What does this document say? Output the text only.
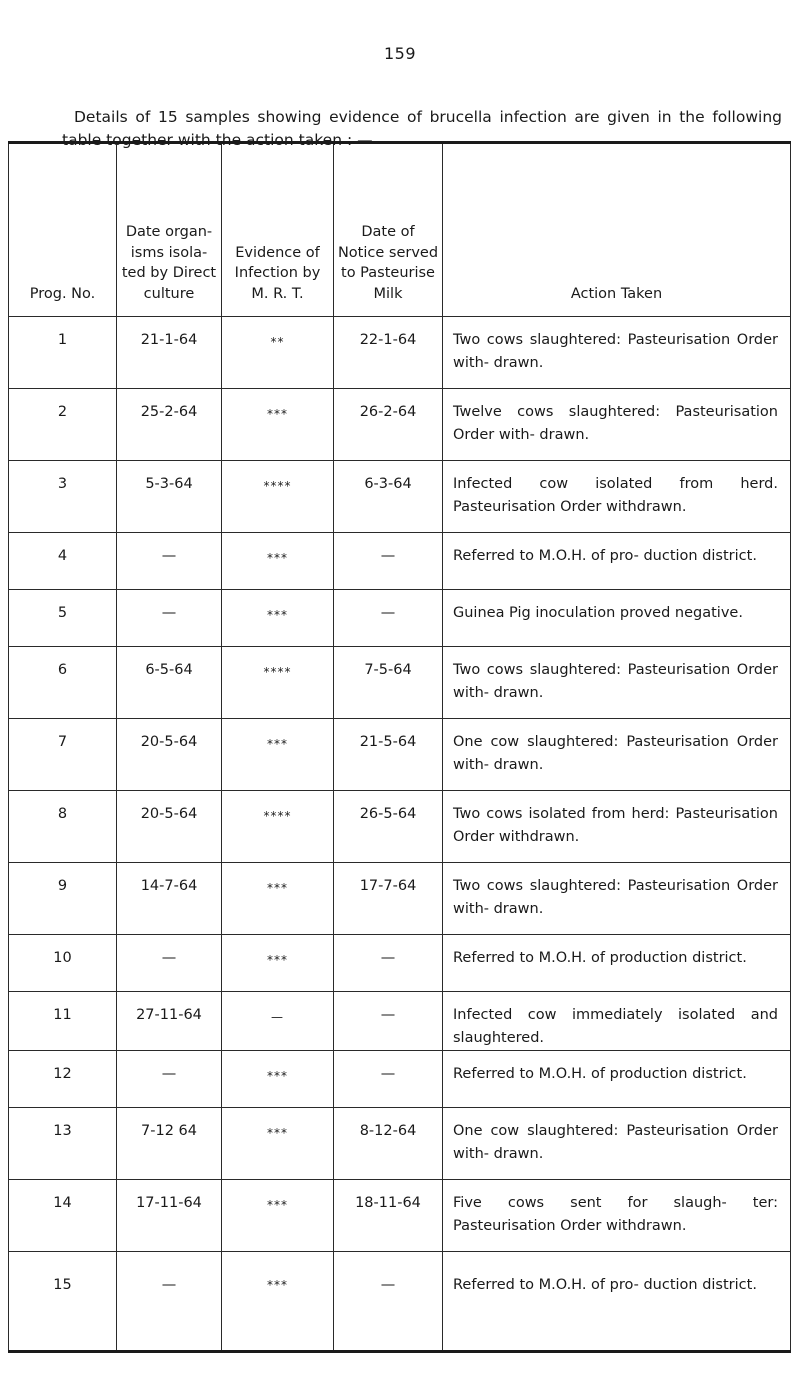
159

Details of 15 samples showing evidence of brucella infection are given in the following table together with the action taken : —

Prog. No.	Date organ- isms isola- ted by Direct culture	Evidence of Infection by M. R. T.	Date of Notice served to Pasteurise Milk	Action Taken
1	21-1-64	**	22-1-64	Two cows slaughtered: Pasteurisation Order with- drawn.
2	25-2-64	***	26-2-64	Twelve cows slaughtered: Pasteurisation Order with- drawn.
3	5-3-64	****	6-3-64	Infected cow isolated from herd. Pasteurisation Order withdrawn.
4	—	***	—	Referred to M.O.H. of pro- duction district.
5	—	***	—	Guinea Pig inoculation proved negative.
6	6-5-64	****	7-5-64	Two cows slaughtered: Pasteurisation Order with- drawn.
7	20-5-64	***	21-5-64	One cow slaughtered: Pasteurisation Order with- drawn.
8	20-5-64	****	26-5-64	Two cows isolated from herd: Pasteurisation Order withdrawn.
9	14-7-64	***	17-7-64	Two cows slaughtered: Pasteurisation Order with- drawn.
10	—	***	—	Referred to M.O.H. of production district.
11	27-11-64	—	—	Infected cow immediately isolated and slaughtered.
12	—	***	—	Referred to M.O.H. of production district.
13	7-12 64	***	8-12-64	One cow slaughtered: Pasteurisation Order with- drawn.
14	17-11-64	***	18-11-64	Five cows sent for slaugh- ter: Pasteurisation Order withdrawn.
15	—	***	—	Referred to M.O.H. of pro- duction district.
